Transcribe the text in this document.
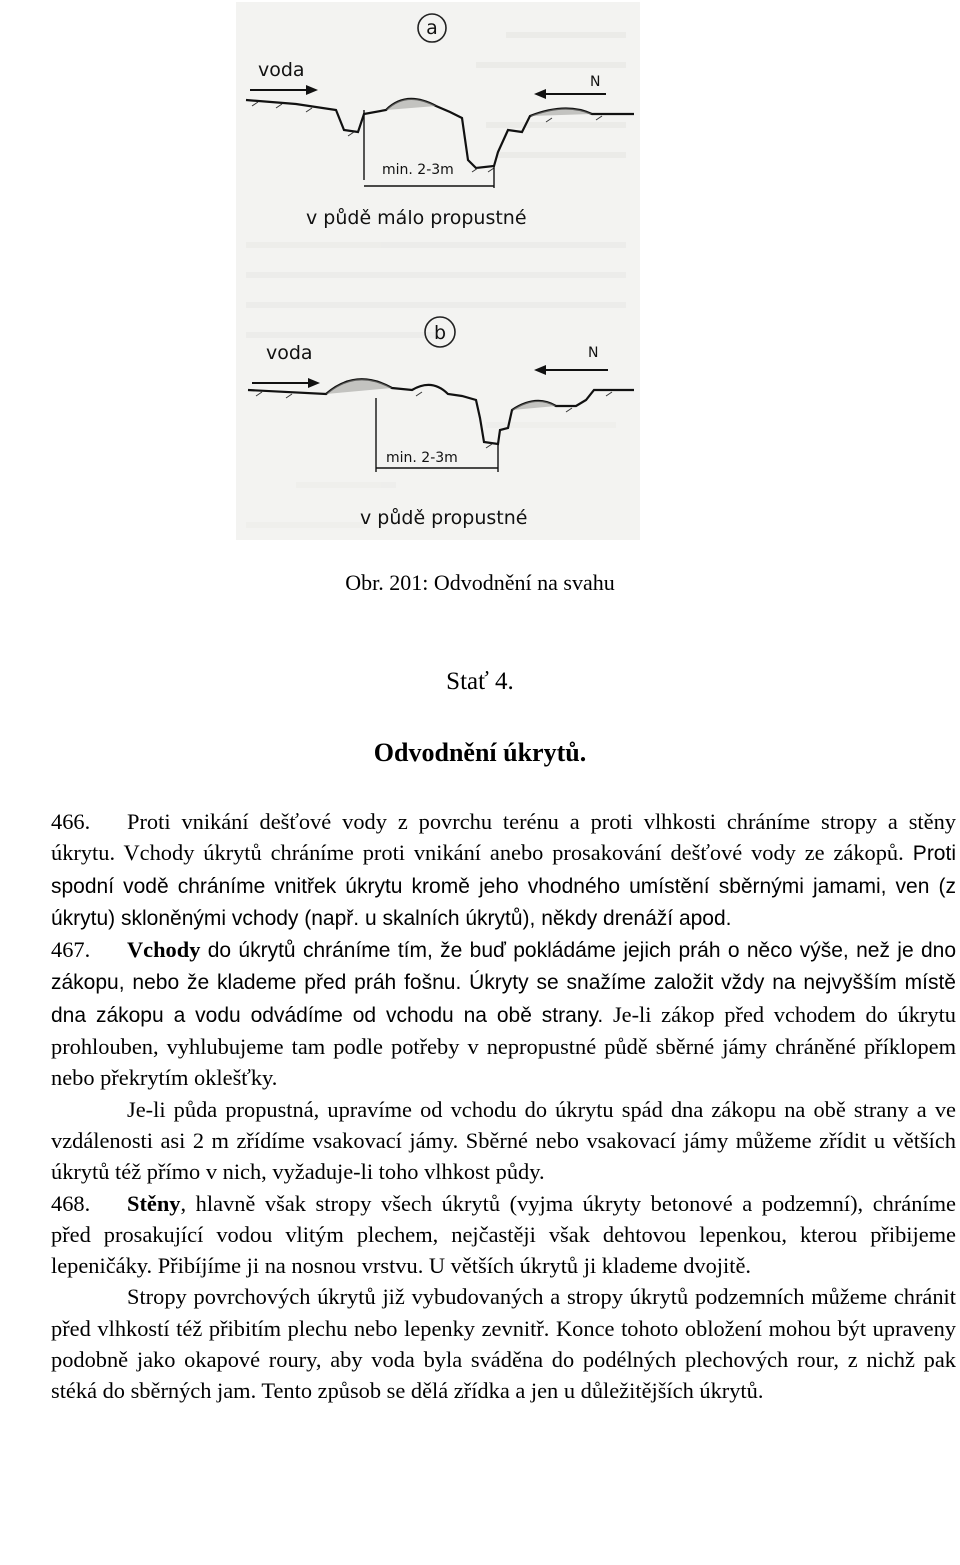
a
voda
N
min. 2-3m
v půdě málo propustné
b
voda	N
min. 2-3m
v půdě propustné
Obr. 201: Odvodnění na svahu
Stať 4.
Odvodnění úkrytů.

466. Proti vnikání dešťové vody z povrchu terénu a proti vlhkosti chráníme stropy a stěny úkrytu. Vchody úkrytů chráníme proti vnikání anebo prosakování dešťové vody ze zákopů. Proti spodní vodě chráníme vnitřek úkrytu kromě jeho vhodného umístění sběrnými jamami, ven (z úkrytu) skloněnými vchody (např. u skalních úkrytů), někdy drenáží apod.

467. Vchody do úkrytů chráníme tím, že buď pokládáme jejich práh o něco výše, než je dno zákopu, nebo že klademe před práh fošnu. Úkryty se snažíme založit vždy na nejvyšším místě dna zákopu a vodu odvádíme od vchodu na obě strany. Je-li zákop před vchodem do úkrytu prohlouben, vyhlubujeme tam podle potřeby v nepropustné půdě sběrné jámy chráněné příklopem nebo překrytím oklešťky.

Je-li půda propustná, upravíme od vchodu do úkrytu spád dna zákopu na obě strany a ve vzdálenosti asi 2 m zřídíme vsakovací jámy. Sběrné nebo vsakovací jámy můžeme zřídit u větších úkrytů též přímo v nich, vyžaduje-li toho vlhkost půdy.

468. Stěny, hlavně však stropy všech úkrytů (vyjma úkryty betonové a podzemní), chráníme před prosakující vodou vlitým plechem, nejčastěji však dehtovou lepenkou, kterou přibijeme lepeničáky. Přibíjíme ji na nosnou vrstvu. U větších úkrytů ji klademe dvojitě.

Stropy povrchových úkrytů již vybudovaných a stropy úkrytů podzemních můžeme chránit před vlhkostí též přibitím plechu nebo lepenky zevnitř. Konce tohoto obložení mohou být upraveny podobně jako okapové roury, aby voda byla sváděna do podélných plechových rour, z nichž pak stéká do sběrných jam. Tento způsob se dělá zřídka a jen u důležitějších úkrytů.
